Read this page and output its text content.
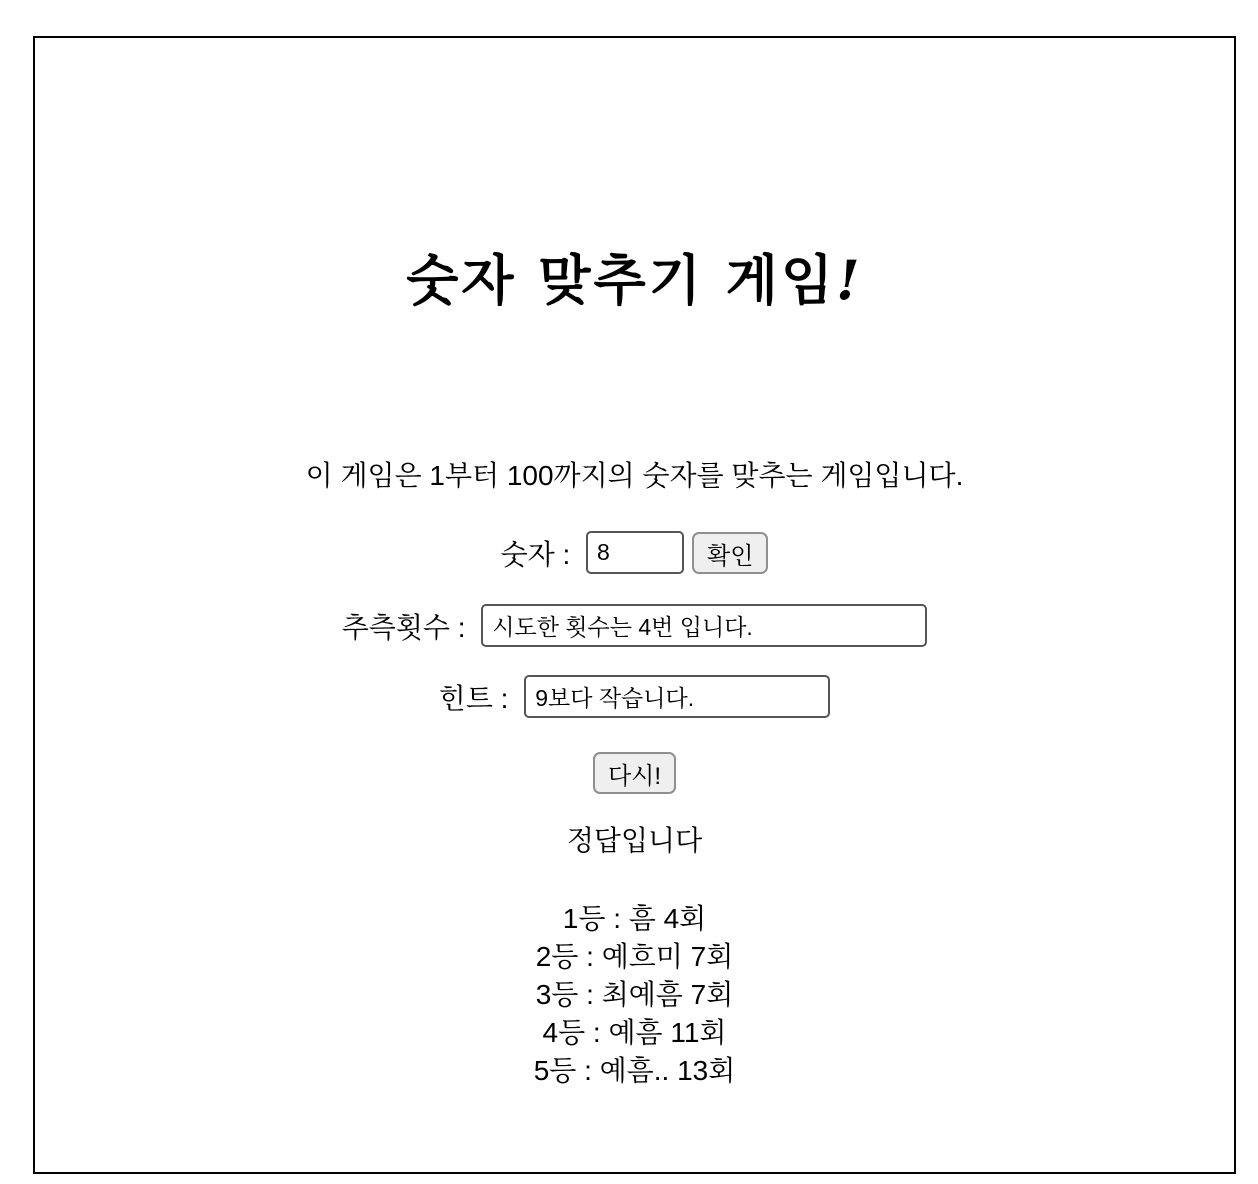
숫자 맞추기 게임!

이 게임은 1부터 100까지의 숫자를 맞추는 게임입니다.

숫자 :
8	확인
추측횟수 :
시도한 횟수는 4번 입니다.
힌트 :
9보다 작습니다.
다시!

정답입니다

1등 : 흠 4회
2등 : 예흐미 7회
3등 : 최예흠 7회
4등 : 예흠 11회
5등 : 예흠.. 13회
